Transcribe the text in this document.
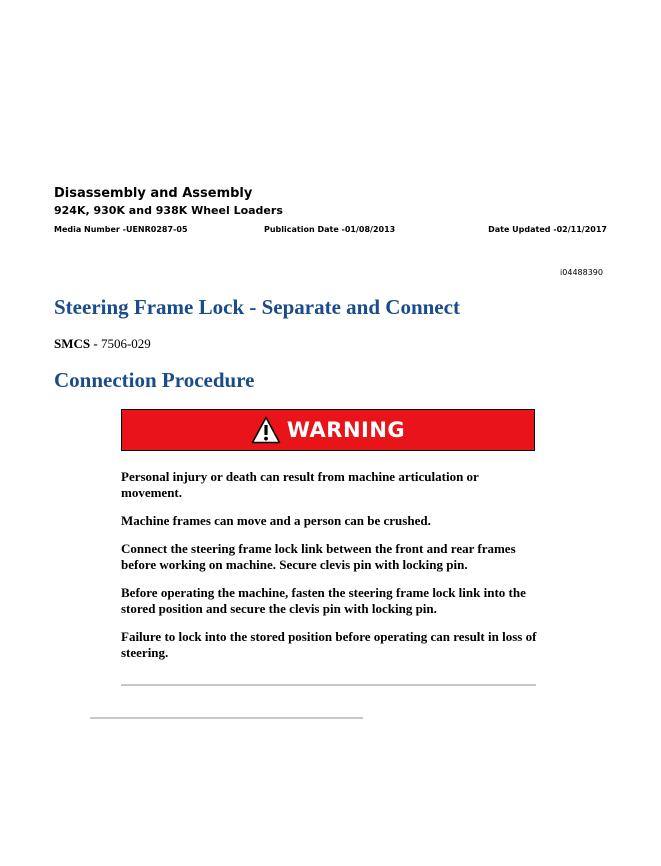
Disassembly and Assembly
924K, 930K and 938K Wheel Loaders
Media Number -UENR0287-05	Publication Date -01/08/2013	Date Updated -02/11/2017
i04488390
Steering Frame Lock - Separate and Connect
SMCS - 7506-029
Connection Procedure
WARNING

Personal injury or death can result from machine articulation or movement.

Machine frames can move and a person can be crushed.

Connect the steering frame lock link between the front and rear frames before working on machine. Secure clevis pin with locking pin.

Before operating the machine, fasten the steering frame lock link into the stored position and secure the clevis pin with locking pin.

Failure to lock into the stored position before operating can result in loss of steering.
